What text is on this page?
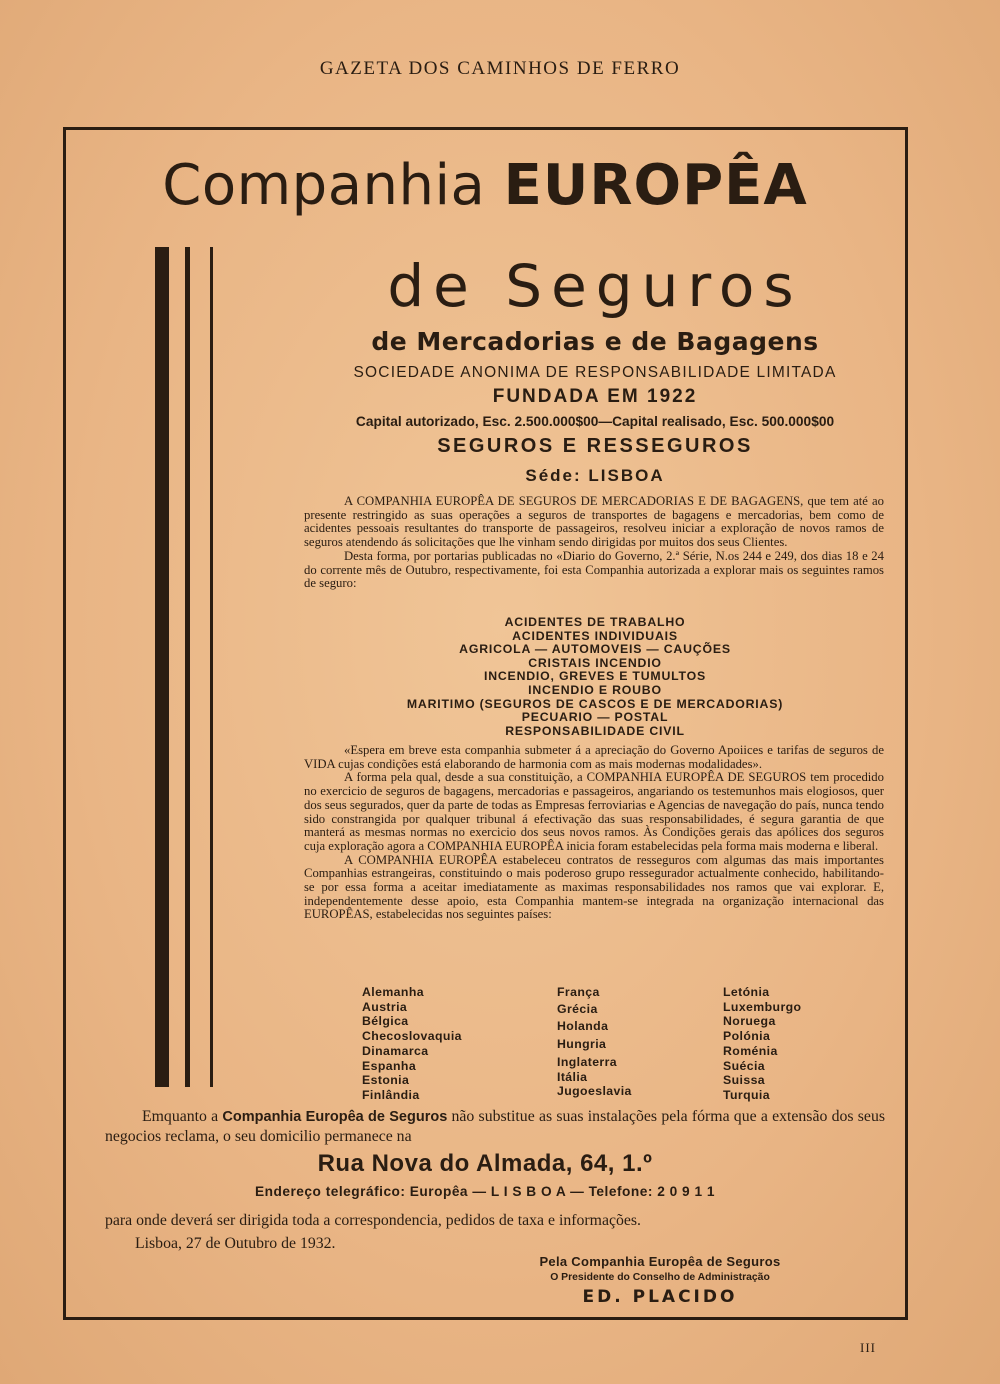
GAZETA DOS CAMINHOS DE FERRO
Companhia EUROPÊA
de Seguros
de Mercadorias e de Bagagens
SOCIEDADE ANONIMA DE RESPONSABILIDADE LIMITADA
FUNDADA EM 1922
Capital autorizado, Esc. 2.500.000$00—Capital realisado, Esc. 500.000$00
SEGUROS E RESSEGUROS
Séde: LISBOA

A COMPANHIA EUROPÊA DE SEGUROS DE MERCADORIAS E DE BAGAGENS, que tem até ao presente restringido as suas operações a seguros de transportes de bagagens e mercadorias, bem como de acidentes pessoais resultantes do transporte de passageiros, resolveu iniciar a exploração de novos ramos de seguros atendendo ás solicitações que lhe vinham sendo dirigidas por muitos dos seus Clientes.

Desta forma, por portarias publicadas no «Diario do Governo, 2.ª Série, N.os 244 e 249, dos dias 18 e 24 do corrente mês de Outubro, respectivamente, foi esta Companhia autorizada a explorar mais os seguintes ramos de seguro:

ACIDENTES DE TRABALHO
ACIDENTES INDIVIDUAIS
AGRICOLA — AUTOMOVEIS — CAUÇÕES
CRISTAIS INCENDIO
INCENDIO, GREVES E TUMULTOS
INCENDIO E ROUBO
MARITIMO (SEGUROS DE CASCOS E DE MERCADORIAS)
PECUARIO — POSTAL
RESPONSABILIDADE CIVIL

«Espera em breve esta companhia submeter á a apreciação do Governo Apoiices e tarifas de seguros de VIDA cujas condições está elaborando de harmonia com as mais modernas modalidades».

A forma pela qual, desde a sua constituição, a COMPANHIA EUROPÊA DE SEGUROS tem procedido no exercicio de seguros de bagagens, mercadorias e passageiros, angariando os testemunhos mais elogiosos, quer dos seus segurados, quer da parte de todas as Empresas ferroviarias e Agencias de navegação do país, nunca tendo sido constrangida por qualquer tribunal á efectivação das suas responsabilidades, é segura garantia de que manterá as mesmas normas no exercicio dos seus novos ramos. Às Condições gerais das apólices dos seguros cuja exploração agora a COMPANHIA EUROPÊA inicia foram estabelecidas pela forma mais moderna e liberal.

A COMPANHIA EUROPÊA estabeleceu contratos de resseguros com algumas das mais importantes Companhias estrangeiras, constituindo o mais poderoso grupo ressegurador actualmente conhecido, habilitando-se por essa forma a aceitar imediatamente as maximas responsabilidades nos ramos que vai explorar. E, independentemente desse apoio, esta Companhia mantem-se integrada na organização internacional das EUROPÊAS, estabelecidas nos seguintes países:

Alemanha
Austria
Bélgica
Checoslovaquia
Dinamarca
Espanha
Estonia
Finlândia
França
Grécia
Holanda
Hungria
Inglaterra
Itália
Jugoeslavia
Letónia
Luxemburgo
Noruega
Polónia
Roménia
Suécia
Suissa
Turquia
Emquanto a Companhia Europêa de Seguros não substitue as suas instalações pela fórma que a extensão dos seus negocios reclama, o seu domicilio permanece na
Rua Nova do Almada, 64, 1.º
Endereço telegráfico: Europêa — L I S B O A — Telefone: 2 0 9 1 1
para onde deverá ser dirigida toda a correspondencia, pedidos de taxa e informações.
Lisboa, 27 de Outubro de 1932.
Pela Companhia Europêa de Seguros
O Presidente do Conselho de Administração
ED. PLACIDO
III
